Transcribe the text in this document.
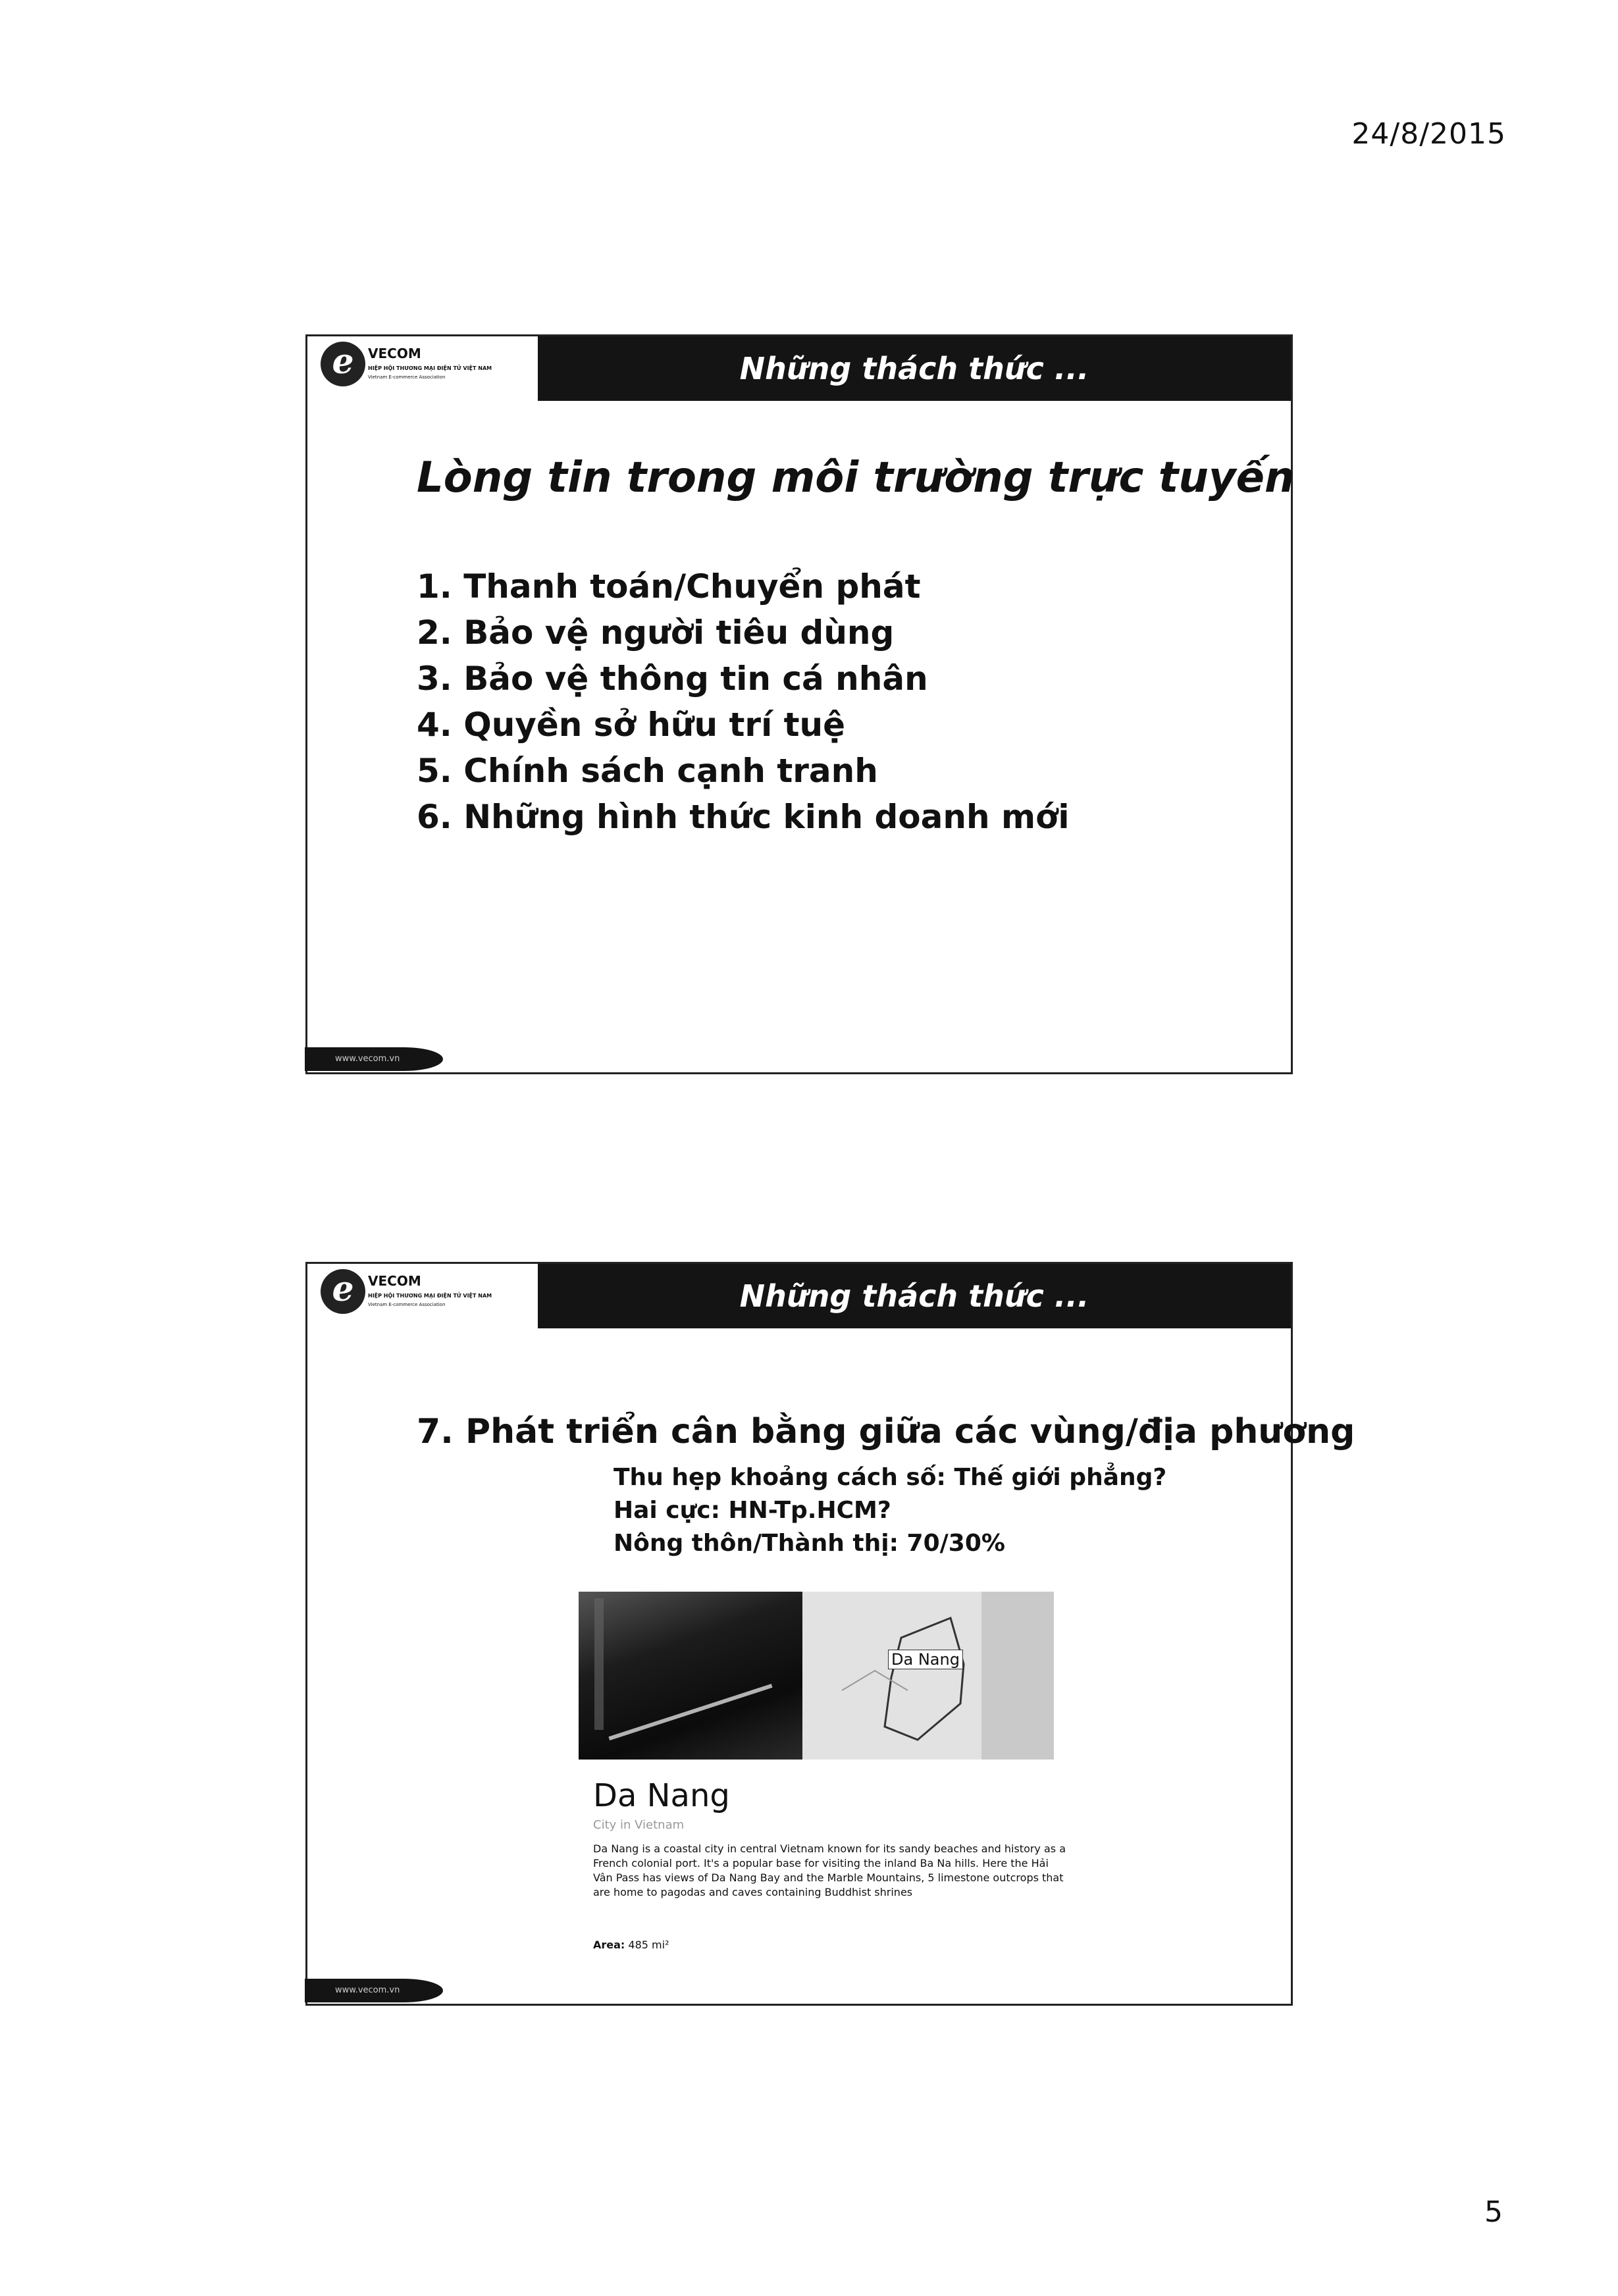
24/8/2015
e	VECOM
HIỆP HỘI THƯƠNG MẠI ĐIỆN TỬ VIỆT NAM
Vietnam E-commerce Association	Những thách thức ...
Lòng tin trong môi trường trực tuyến
1. Thanh toán/Chuyển phát
2. Bảo vệ người tiêu dùng
3. Bảo vệ thông tin cá nhân
4. Quyền sở hữu trí tuệ
5. Chính sách cạnh tranh
6. Những hình thức kinh doanh mới
www.vecom.vn
e	VECOM
HIỆP HỘI THƯƠNG MẠI ĐIỆN TỬ VIỆT NAM
Vietnam E-commerce Association	Những thách thức ...
7. Phát triển cân bằng giữa các vùng/địa phương
Thu hẹp khoảng cách số: Thế giới phẳng?
Hai cực: HN-Tp.HCM?
Nông thôn/Thành thị: 70/30%
Da Nang
Da Nang
City in Vietnam

Da Nang is a coastal city in central Vietnam known for its sandy beaches and history as a French colonial port. It's a popular base for visiting the inland Ba Na hills. Here the Hải Vân Pass has views of Da Nang Bay and the Marble Mountains, 5 limestone outcrops that are home to pagodas and caves containing Buddhist shrines

Area: 485 mi²
www.vecom.vn
5
